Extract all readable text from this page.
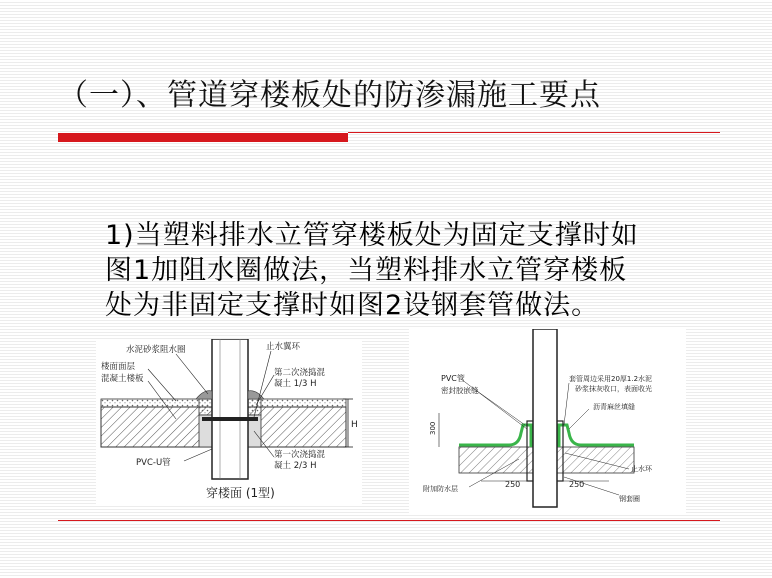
（一）、管道穿楼板处的防渗漏施工要点
1)当塑料排水立管穿楼板处为固定支撑时如
图1加阻水圈做法，当塑料排水立管穿楼板
处为非固定支撑时如图2设钢套管做法。
H
水泥砂浆阻水圈
楼面面层
混凝土楼板
止水翼环
第二次浇捣混
凝土 1/3 H
第一次浇捣混
凝土 2/3 H
PVC-U管
穿楼面 (1型)
300
250	250
PVC管
密封胶嵌缝
套管周边采用20厚1.2水泥
砂浆抹灰收口，表面收光
沥青麻丝填缝
附加防水层
止水环
钢套圈
